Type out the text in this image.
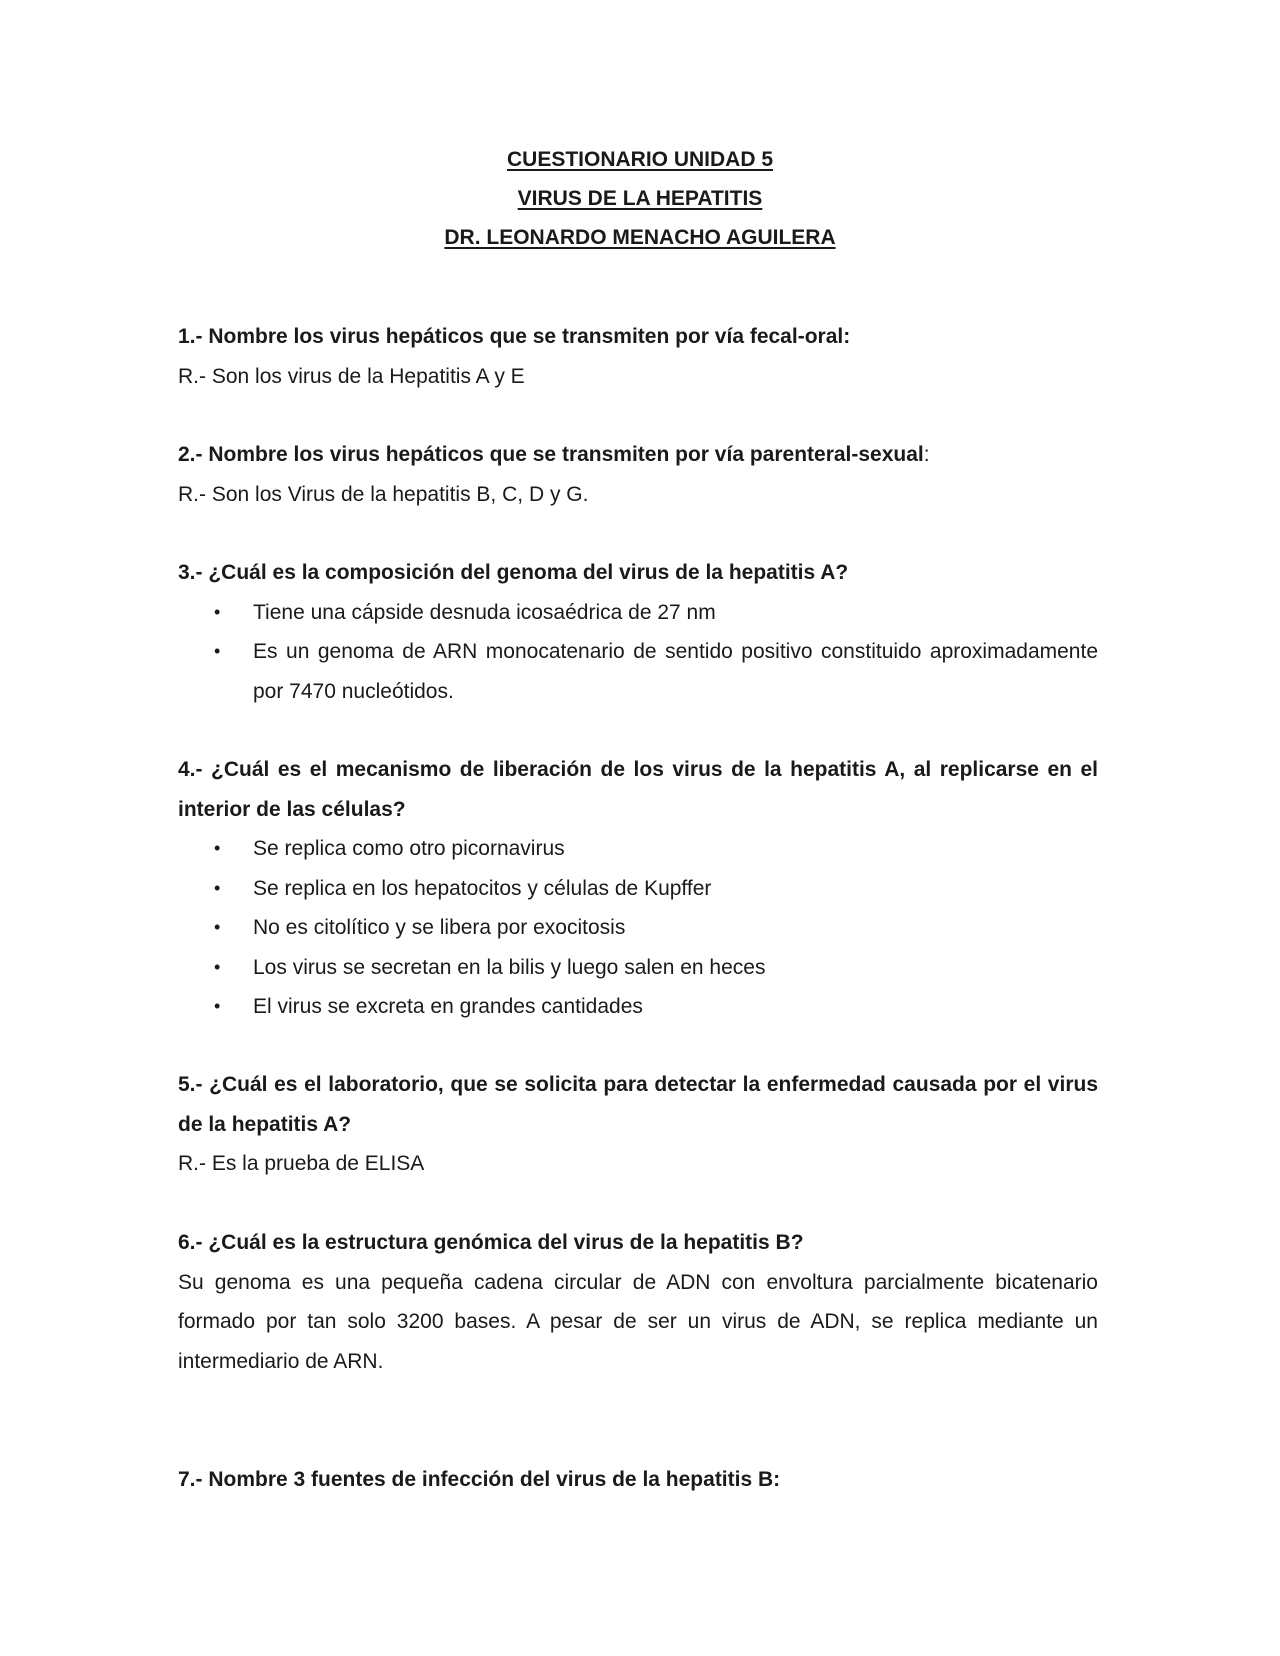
CUESTIONARIO UNIDAD 5
VIRUS DE LA HEPATITIS
DR. LEONARDO MENACHO AGUILERA
1.- Nombre los virus hepáticos que se transmiten por vía fecal-oral:
R.- Son los virus de la Hepatitis A y E
2.- Nombre los virus hepáticos que se transmiten por vía parenteral-sexual:
R.- Son los Virus de la hepatitis B, C, D y G.
3.- ¿Cuál es la composición del genoma del virus de la hepatitis A?
• Tiene una cápside desnuda icosaédrica de 27 nm
• Es un genoma de ARN monocatenario de sentido positivo constituido aproximadamente por 7470 nucleótidos.
4.- ¿Cuál es el mecanismo de liberación de los virus de la hepatitis A, al replicarse en el interior de las células?
• Se replica como otro picornavirus
• Se replica en los hepatocitos y células de Kupffer
• No es citolítico y se libera por exocitosis
• Los virus se secretan en la bilis y luego salen en heces
• El virus se excreta en grandes cantidades
5.- ¿Cuál es el laboratorio, que se solicita para detectar la enfermedad causada por el virus de la hepatitis A?
R.- Es la prueba de ELISA
6.- ¿Cuál es la estructura genómica del virus de la hepatitis B?
Su genoma es una pequeña cadena circular de ADN con envoltura parcialmente bicatenario formado por tan solo 3200 bases. A pesar de ser un virus de ADN, se replica mediante un intermediario de ARN.
7.- Nombre 3 fuentes de infección del virus de la hepatitis B:
